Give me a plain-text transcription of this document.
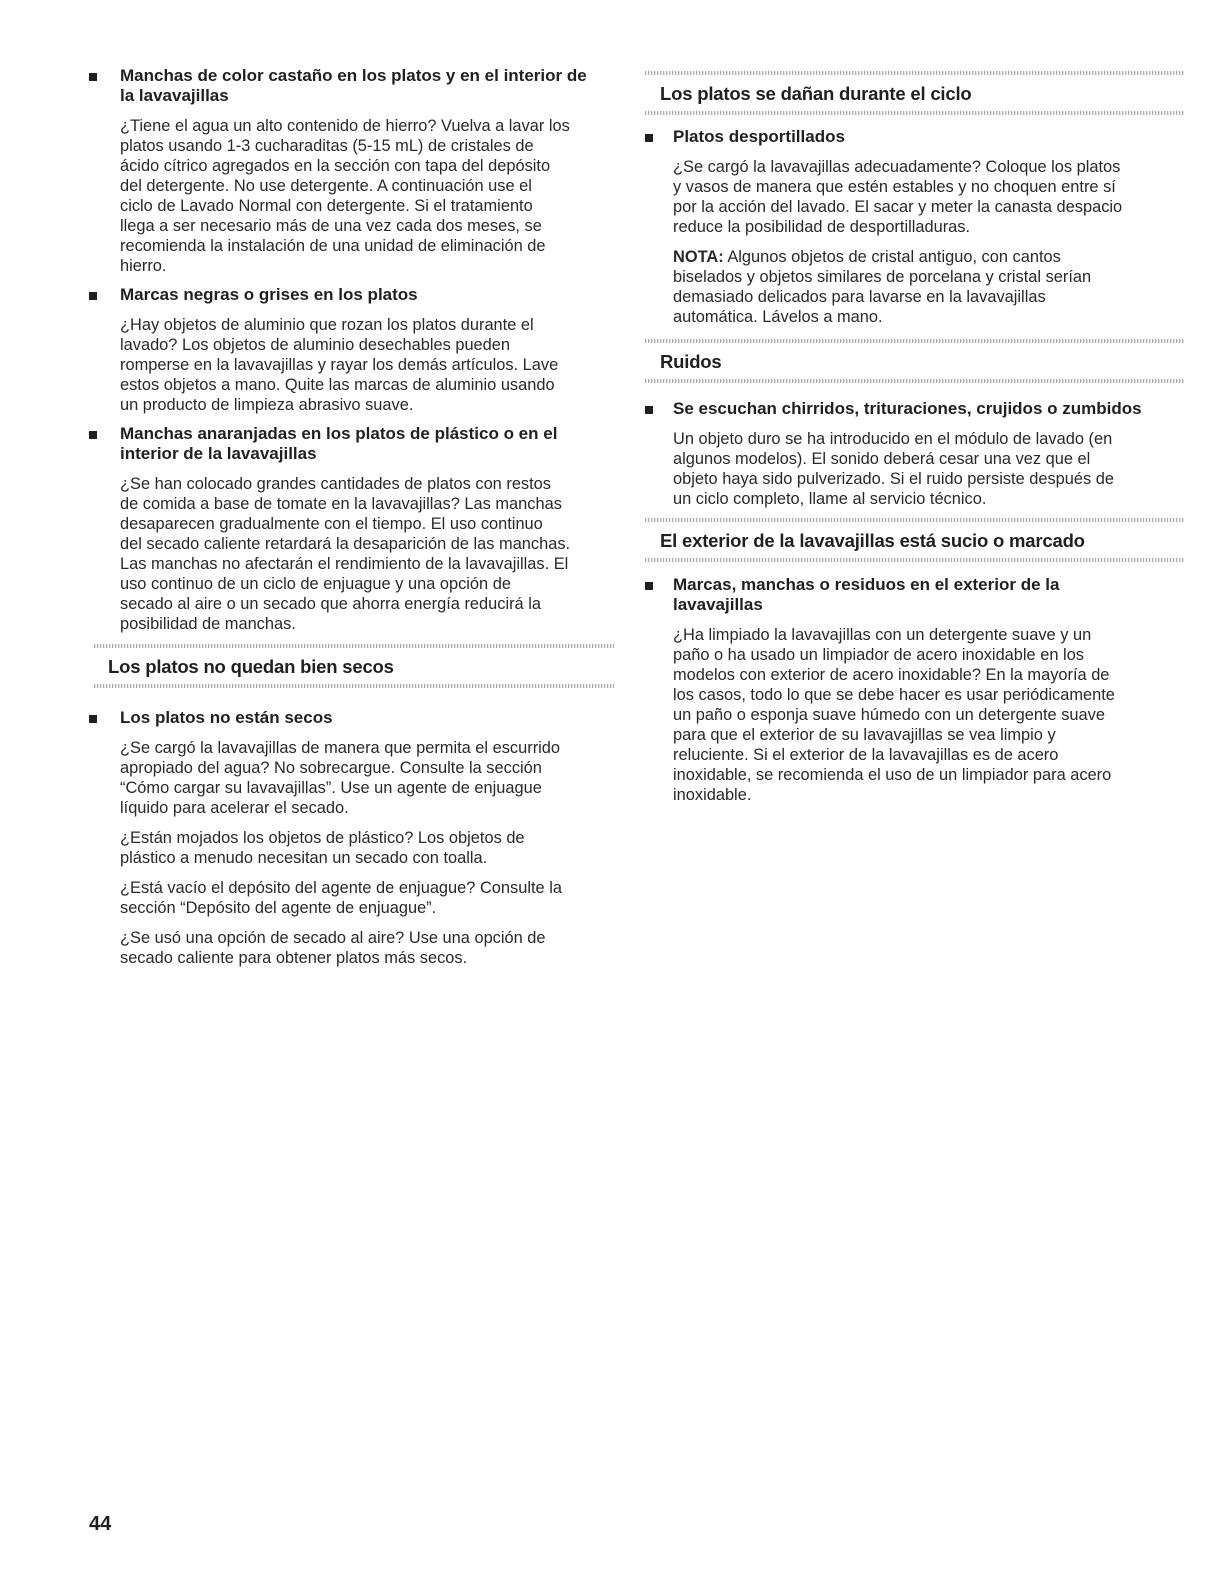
Manchas de color castaño en los platos y en el interior de
la lavavajillas

¿Tiene el agua un alto contenido de hierro? Vuelva a lavar los
platos usando 1-3 cucharaditas (5-15 mL) de cristales de
ácido cítrico agregados en la sección con tapa del depósito
del detergente. No use detergente. A continuación use el
ciclo de Lavado Normal con detergente. Si el tratamiento
llega a ser necesario más de una vez cada dos meses, se
recomienda la instalación de una unidad de eliminación de
hierro.

Marcas negras o grises en los platos

¿Hay objetos de aluminio que rozan los platos durante el
lavado? Los objetos de aluminio desechables pueden
romperse en la lavavajillas y rayar los demás artículos. Lave
estos objetos a mano. Quite las marcas de aluminio usando
un producto de limpieza abrasivo suave.

Manchas anaranjadas en los platos de plástico o en el
interior de la lavavajillas

¿Se han colocado grandes cantidades de platos con restos
de comida a base de tomate en la lavavajillas? Las manchas
desaparecen gradualmente con el tiempo. El uso continuo
del secado caliente retardará la desaparición de las manchas.
Las manchas no afectarán el rendimiento de la lavavajillas. El
uso continuo de un ciclo de enjuague y una opción de
secado al aire o un secado que ahorra energía reducirá la
posibilidad de manchas.

Los platos no quedan bien secos
Los platos no están secos

¿Se cargó la lavavajillas de manera que permita el escurrido
apropiado del agua? No sobrecargue. Consulte la sección
“Cómo cargar su lavavajillas”. Use un agente de enjuague
líquido para acelerar el secado.

¿Están mojados los objetos de plástico? Los objetos de
plástico a menudo necesitan un secado con toalla.

¿Está vacío el depósito del agente de enjuague? Consulte la
sección “Depósito del agente de enjuague”.

¿Se usó una opción de secado al aire? Use una opción de
secado caliente para obtener platos más secos.

Los platos se dañan durante el ciclo
Platos desportillados

¿Se cargó la lavavajillas adecuadamente? Coloque los platos
y vasos de manera que estén estables y no choquen entre sí
por la acción del lavado. El sacar y meter la canasta despacio
reduce la posibilidad de desportilladuras.

NOTA: Algunos objetos de cristal antiguo, con cantos
biselados y objetos similares de porcelana y cristal serían
demasiado delicados para lavarse en la lavavajillas
automática. Lávelos a mano.

Ruidos
Se escuchan chirridos, trituraciones, crujidos o zumbidos

Un objeto duro se ha introducido en el módulo de lavado (en
algunos modelos). El sonido deberá cesar una vez que el
objeto haya sido pulverizado. Si el ruido persiste después de
un ciclo completo, llame al servicio técnico.

El exterior de la lavavajillas está sucio o marcado
Marcas, manchas o residuos en el exterior de la
lavavajillas

¿Ha limpiado la lavavajillas con un detergente suave y un
paño o ha usado un limpiador de acero inoxidable en los
modelos con exterior de acero inoxidable? En la mayoría de
los casos, todo lo que se debe hacer es usar periódicamente
un paño o esponja suave húmedo con un detergente suave
para que el exterior de su lavavajillas se vea limpio y
reluciente. Si el exterior de la lavavajillas es de acero
inoxidable, se recomienda el uso de un limpiador para acero
inoxidable.

44
